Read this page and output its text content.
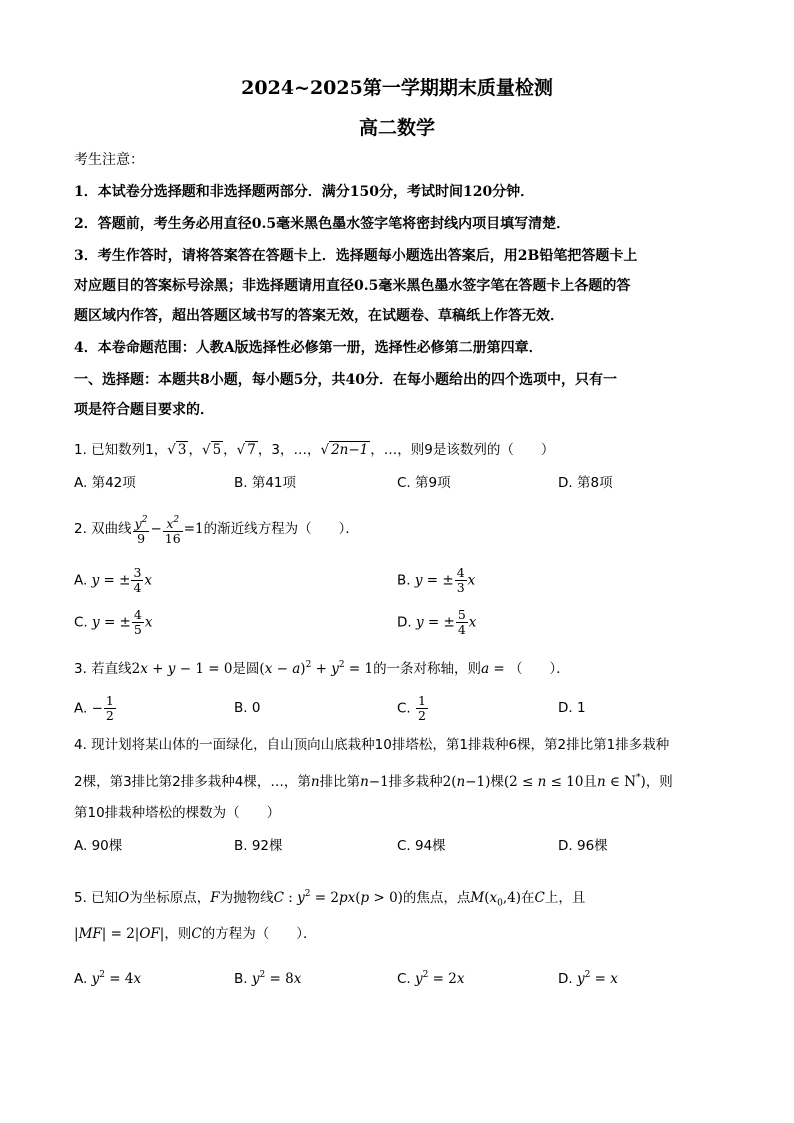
2024~2025第一学期期末质量检测
高二数学
考生注意：
1．本试卷分选择题和非选择题两部分．满分150分，考试时间120分钟．
2．答题前，考生务必用直径0.5毫米黑色墨水签字笔将密封线内项目填写清楚．
3．考生作答时，请将答案答在答题卡上．选择题每小题选出答案后，用2B铅笔把答题卡上
对应题目的答案标号涂黑；非选择题请用直径0.5毫米黑色墨水签字笔在答题卡上各题的答
题区域内作答，超出答题区域书写的答案无效，在试题卷、草稿纸上作答无效．
4．本卷命题范围：人教A版选择性必修第一册，选择性必修第二册第四章．
一、选择题：本题共8小题，每小题5分，共40分．在每小题给出的四个选项中，只有一
项是符合题目要求的．
1. 已知数列1，√ 3 ，√ 5 ，√ 7 ，3，…，√ 2n−1 ，…，则9是该数列的（　　）
A. 第42项	B. 第41项	C. 第9项	D. 第8项
2. 双曲线 $\frac{y^2}{9} - \frac{x^2}{16} =1$的渐近线方程为（　　）．
A. y = ± $\frac{3}{4}$ x	B. y = ± $\frac{4}{3}$ x
C. y = ± $\frac{4}{5}$ x	D. y = ± $\frac{5}{4}$ x
3. 若直线2x + y − 1 = 0是圆$(x - a)^2 + y^2 = 1$的一条对称轴，则a = （　　）．
A. − $\frac{1}{2}$	B. 0	C. $\frac{1}{2}$	D. 1
4. 现计划将某山体的一面绿化，自山顶向山底栽种10排塔松，第1排栽种6棵，第2排比第1排多栽种
2棵，第3排比第2排多栽种4棵，…，第n排比第n−1排多栽种2(n−1)棵(2 ≤ n ≤ 10且n ∈ N*)，则
第10排栽种塔松的棵数为（　　）
A. 90棵	B. 92棵	C. 94棵	D. 96棵
5. 已知O为坐标原点，F为抛物线C : $y^2 = 2px(p > 0)$的焦点，点$M(x_0,4)$在C上，且
|MF| = 2|OF|，则C的方程为（　　）．
A. $y^2 = 4x$	B. $y^2 = 8x$	C. $y^2 = 2x$	D. $y^2 = x$
